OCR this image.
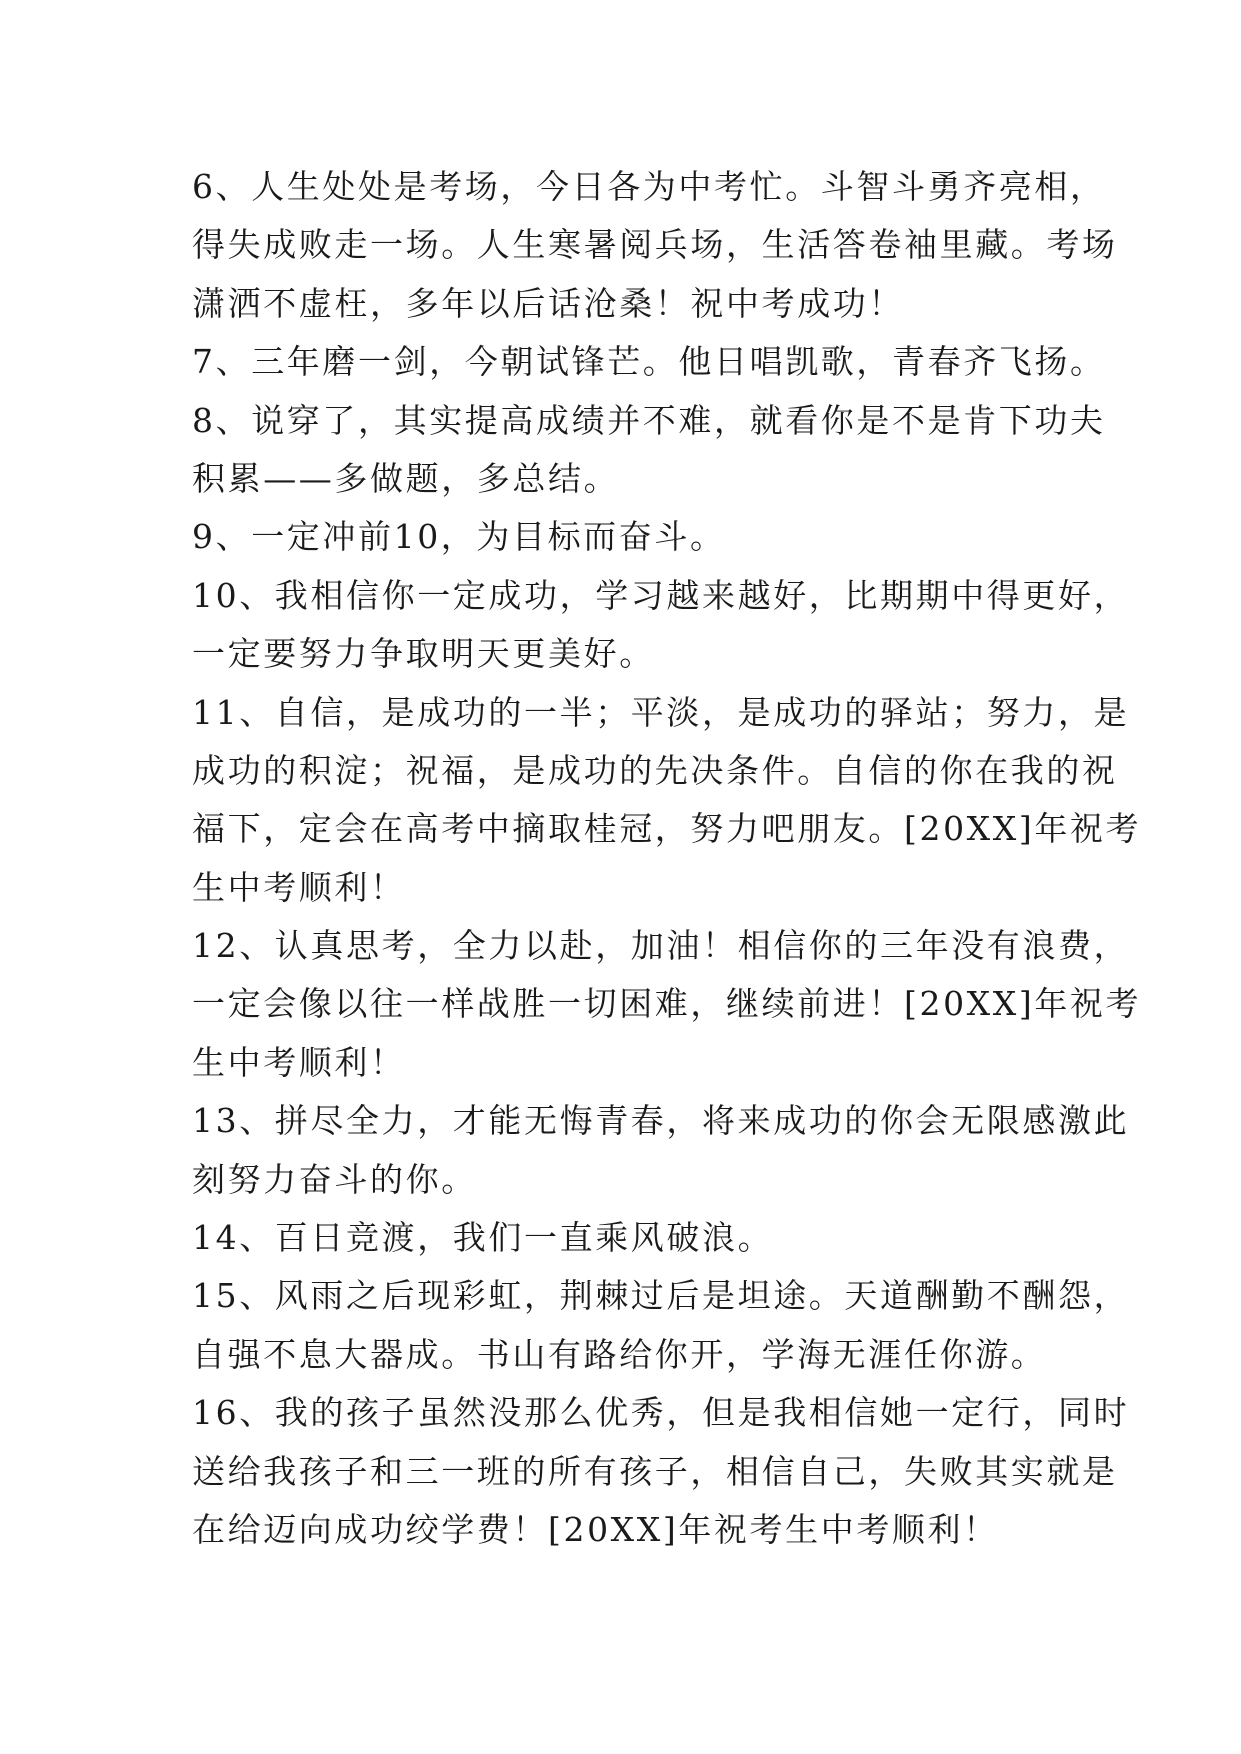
6、人生处处是考场，今日各为中考忙。斗智斗勇齐亮相，
得失成败走一场。人生寒暑阅兵场，生活答卷袖里藏。考场
潇洒不虚枉，多年以后话沧桑！祝中考成功！
7、三年磨一剑，今朝试锋芒。他日唱凯歌，青春齐飞扬。
8、说穿了，其实提高成绩并不难，就看你是不是肯下功夫
积累——多做题，多总结。
9、一定冲前10，为目标而奋斗。
10、我相信你一定成功，学习越来越好，比期期中得更好，
一定要努力争取明天更美好。
11、自信，是成功的一半；平淡，是成功的驿站；努力，是
成功的积淀；祝福，是成功的先决条件。自信的你在我的祝
福下，定会在高考中摘取桂冠，努力吧朋友。[20XX]年祝考
生中考顺利！
12、认真思考，全力以赴，加油！相信你的三年没有浪费，
一定会像以往一样战胜一切困难，继续前进！[20XX]年祝考
生中考顺利！
13、拼尽全力，才能无悔青春，将来成功的你会无限感激此
刻努力奋斗的你。
14、百日竞渡，我们一直乘风破浪。
15、风雨之后现彩虹，荆棘过后是坦途。天道酬勤不酬怨，
自强不息大器成。书山有路给你开，学海无涯任你游。
16、我的孩子虽然没那么优秀，但是我相信她一定行，同时
送给我孩子和三一班的所有孩子，相信自己，失败其实就是
在给迈向成功绞学费！[20XX]年祝考生中考顺利！
